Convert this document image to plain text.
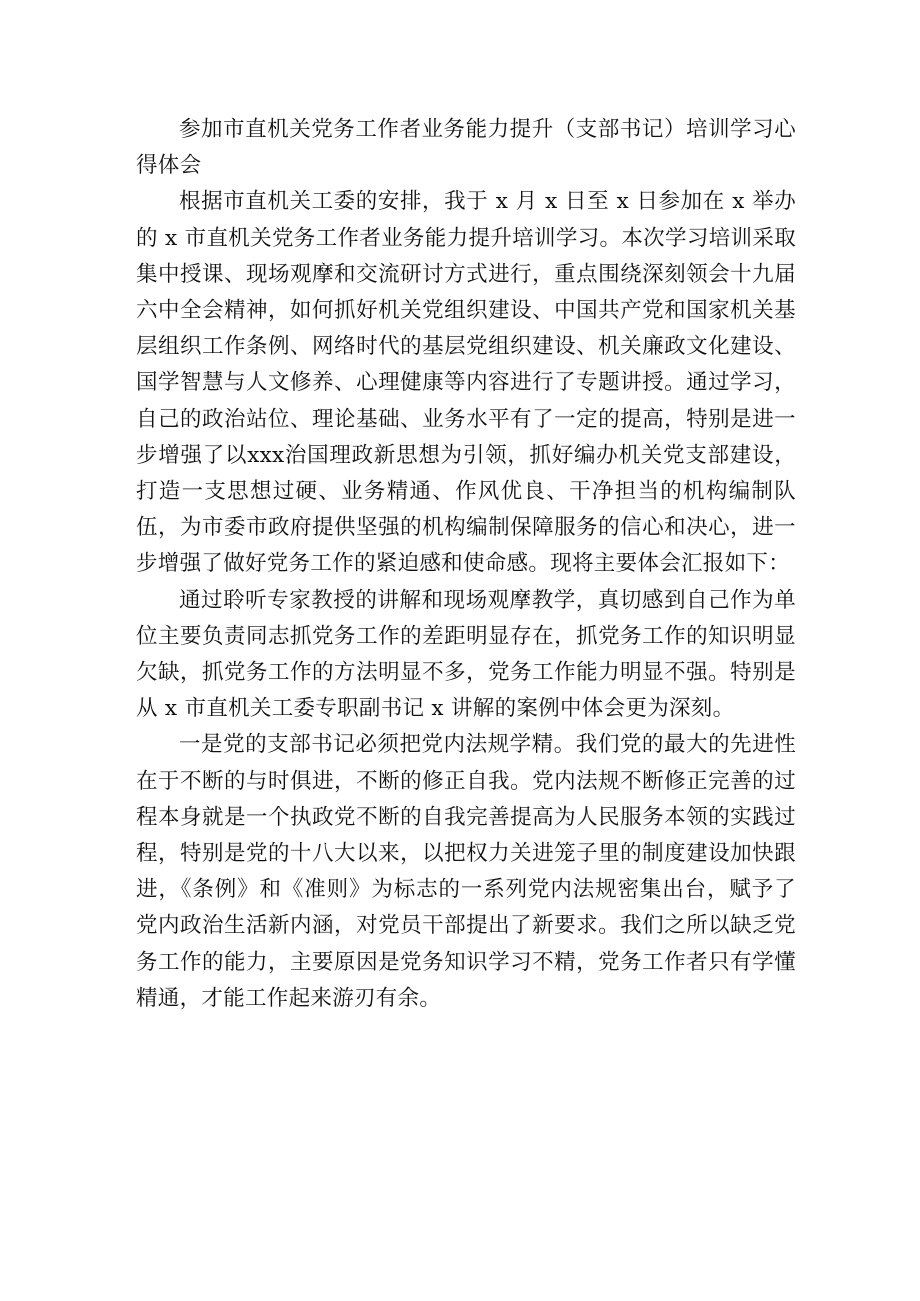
参加市直机关党务工作者业务能力提升（支部书记）培训学习心得体会

根据市直机关工委的安排，我于 x 月 x 日至 x 日参加在 x 举办的 x 市直机关党务工作者业务能力提升培训学习。本次学习培训采取集中授课、现场观摩和交流研讨方式进行，重点围绕深刻领会十九届六中全会精神，如何抓好机关党组织建设、中国共产党和国家机关基层组织工作条例、网络时代的基层党组织建设、机关廉政文化建设、国学智慧与人文修养、心理健康等内容进行了专题讲授。通过学习，自己的政治站位、理论基础、业务水平有了一定的提高，特别是进一步增强了以xxx治国理政新思想为引领，抓好编办机关党支部建设，打造一支思想过硬、业务精通、作风优良、干净担当的机构编制队伍，为市委市政府提供坚强的机构编制保障服务的信心和决心，进一步增强了做好党务工作的紧迫感和使命感。现将主要体会汇报如下：

通过聆听专家教授的讲解和现场观摩教学，真切感到自己作为单位主要负责同志抓党务工作的差距明显存在，抓党务工作的知识明显欠缺，抓党务工作的方法明显不多，党务工作能力明显不强。特别是从 x 市直机关工委专职副书记 x 讲解的案例中体会更为深刻。

一是党的支部书记必须把党内法规学精。我们党的最大的先进性在于不断的与时俱进，不断的修正自我。党内法规不断修正完善的过程本身就是一个执政党不断的自我完善提高为人民服务本领的实践过程，特别是党的十八大以来，以把权力关进笼子里的制度建设加快跟进，《条例》和《准则》为标志的一系列党内法规密集出台，赋予了党内政治生活新内涵，对党员干部提出了新要求。我们之所以缺乏党务工作的能力，主要原因是党务知识学习不精，党务工作者只有学懂精通，才能工作起来游刃有余。
